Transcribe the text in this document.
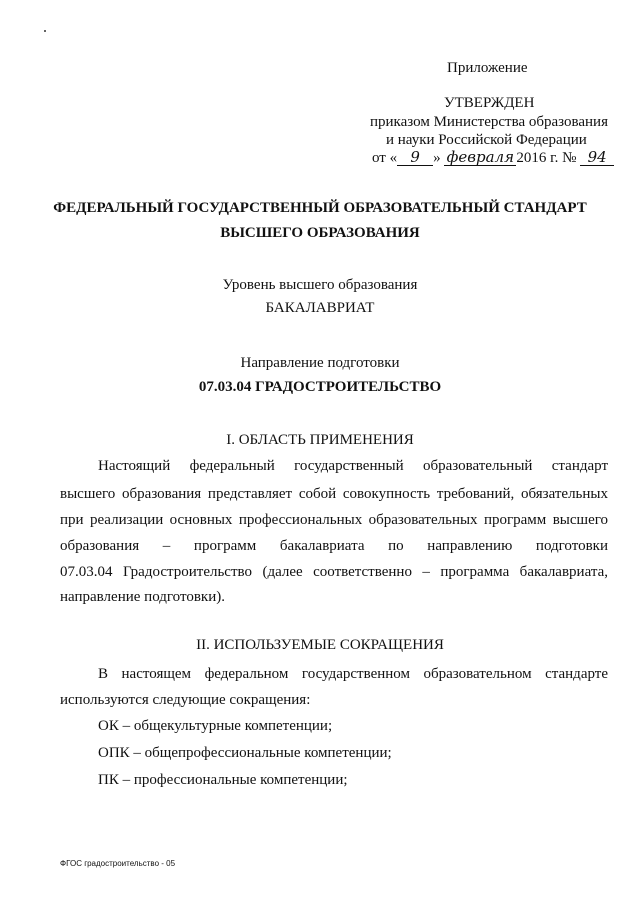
Приложение
УТВЕРЖДЕН
приказом Министерства образования
и науки Российской Федерации
от « 9 » февраля 2016 г. № 94
ФЕДЕРАЛЬНЫЙ ГОСУДАРСТВЕННЫЙ ОБРАЗОВАТЕЛЬНЫЙ СТАНДАРТ
ВЫСШЕГО ОБРАЗОВАНИЯ
Уровень высшего образования
БАКАЛАВРИАТ
Направление подготовки
07.03.04 ГРАДОСТРОИТЕЛЬСТВО
I. ОБЛАСТЬ ПРИМЕНЕНИЯ
Настоящий федеральный государственный образовательный стандарт
высшего образования представляет собой совокупность требований, обязательных
при реализации основных профессиональных образовательных программ высшего
образования – программ бакалавриата по направлению подготовки
07.03.04 Градостроительство (далее соответственно – программа бакалавриата,
направление подготовки).
II. ИСПОЛЬЗУЕМЫЕ СОКРАЩЕНИЯ
В настоящем федеральном государственном образовательном стандарте
используются следующие сокращения:
ОК – общекультурные компетенции;
ОПК – общепрофессиональные компетенции;
ПК – профессиональные компетенции;
ФГОС градостроительство - 05
